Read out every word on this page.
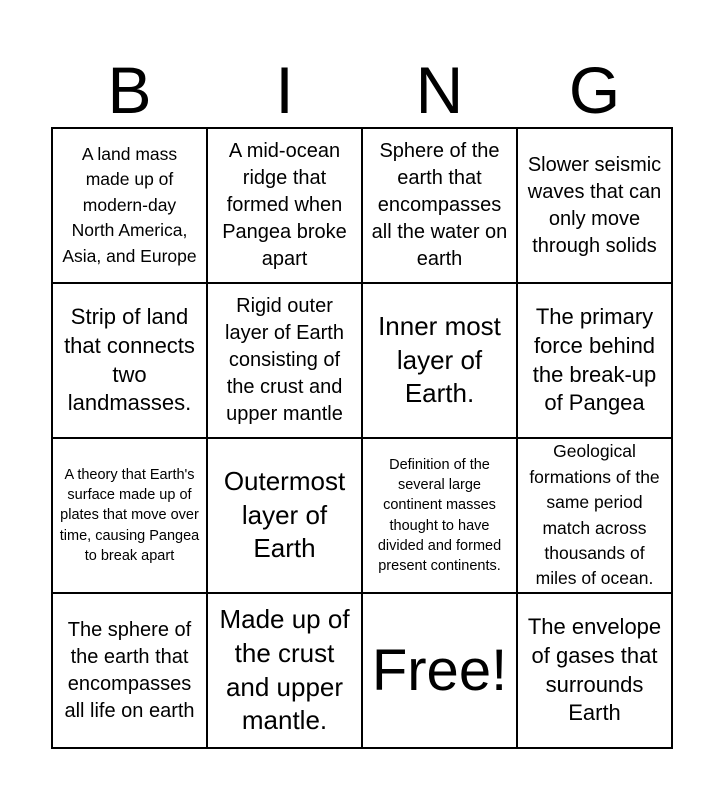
B	I	N	G
A land mass made up of modern-day North America, Asia, and Europe
A mid-ocean ridge that formed when Pangea broke apart
Sphere of the earth that encompasses all the water on earth
Slower seismic waves that can only move through solids
Strip of land that connects two landmasses.
Rigid outer layer of Earth consisting of the crust and upper mantle
Inner most layer of Earth.
The primary force behind the break-up of Pangea
A theory that Earth's surface made up of plates that move over time, causing Pangea to break apart
Outermost layer of Earth
Definition of the several large continent masses thought to have divided and formed present continents.
Geological formations of the same period match across thousands of miles of ocean.
The sphere of the earth that encompasses all life on earth
Made up of the crust and upper mantle.
Free!
The envelope of gases that surrounds Earth
